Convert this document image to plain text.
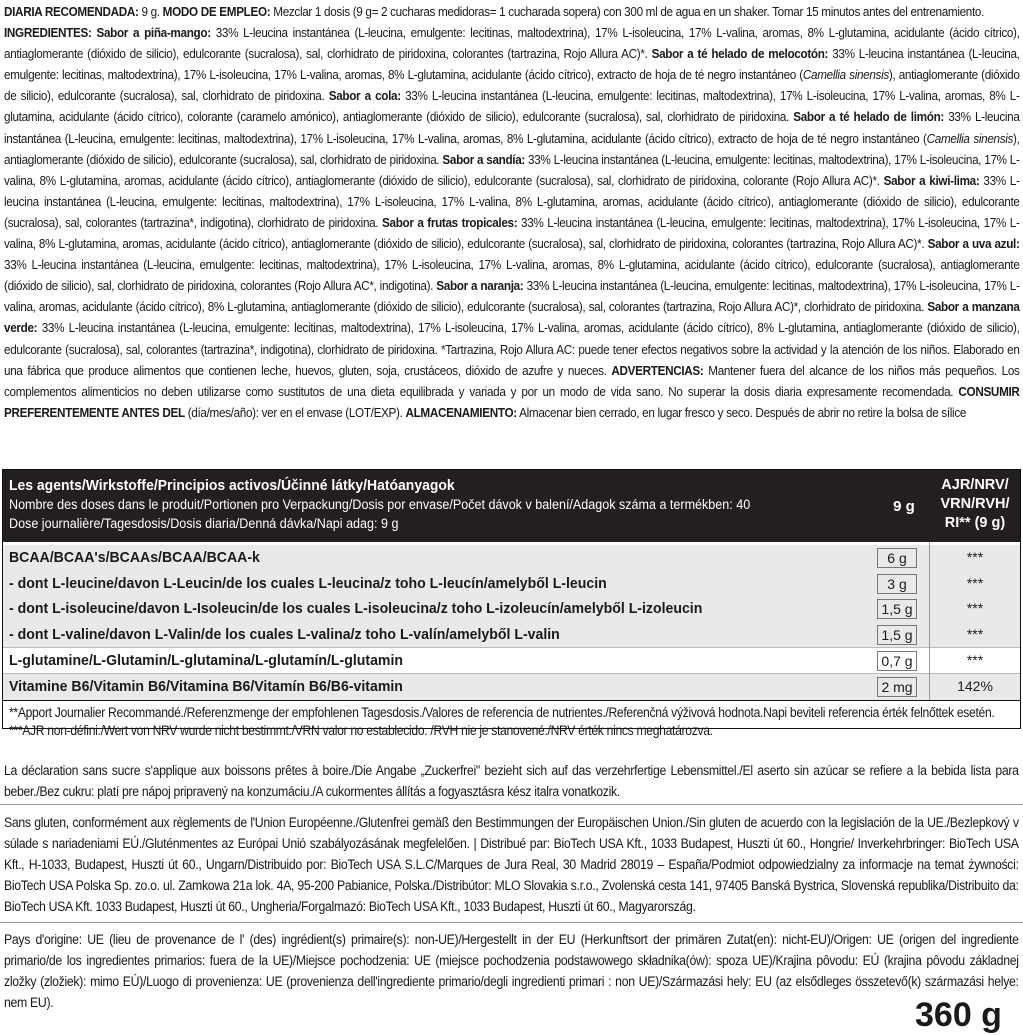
DIARIA RECOMENDADA: 9 g. MODO DE EMPLEO: Mezclar 1 dosis (9 g= 2 cucharas medidoras= 1 cucharada sopera) con 300 ml de agua en un shaker. Tomar 15 minutos antes del entrenamiento.
INGREDIENTES: Sabor a piña-mango: 33% L-leucina instantánea (L-leucina, emulgente: lecitinas, maltodextrina), 17% L-isoleucina, 17% L-valina, aromas, 8% L-glutamina, acidulante (ácido cítrico), antiaglomerante (dióxido de silicio), edulcorante (sucralosa), sal, clorhidrato de piridoxina, colorantes (tartrazina, Rojo Allura AC)*. Sabor a té helado de melocotón: 33% L-leucina instantánea (L-leucina, emulgente: lecitinas, maltodextrina), 17% L-isoleucina, 17% L-valina, aromas, 8% L-glutamina, acidulante (ácido cítrico), extracto de hoja de té negro instantáneo (Camellia sinensis), antiaglomerante (dióxido de silicio), edulcorante (sucralosa), sal, clorhidrato de piridoxina. Sabor a cola: 33% L-leucina instantánea (L-leucina, emulgente: lecitinas, maltodextrina), 17% L-isoleucina, 17% L-valina, aromas, 8% L-glutamina, acidulante (ácido cítrico), colorante (caramelo amónico), antiaglomerante (dióxido de silicio), edulcorante (sucralosa), sal, clorhidrato de piridoxina. Sabor a té helado de limón: 33% L-leucina instantánea (L-leucina, emulgente: lecitinas, maltodextrina), 17% L-isoleucina, 17% L-valina, aromas, 8% L-glutamina, acidulante (ácido cítrico), extracto de hoja de té negro instantáneo (Camellia sinensis), antiaglomerante (dióxido de silicio), edulcorante (sucralosa), sal, clorhidrato de piridoxina. Sabor a sandía: 33% L-leucina instantánea (L-leucina, emulgente: lecitinas, maltodextrina), 17% L-isoleucina, 17% L-valina, 8% L-glutamina, aromas, acidulante (ácido cítrico), antiaglomerante (dióxido de silicio), edulcorante (sucralosa), sal, clorhidrato de piridoxina, colorante (Rojo Allura AC)*. Sabor a kiwi-lima: 33% L-leucina instantánea (L-leucina, emulgente: lecitinas, maltodextrina), 17% L-isoleucina, 17% L-valina, 8% L-glutamina, aromas, acidulante (ácido cítrico), antiaglomerante (dióxido de silicio), edulcorante (sucralosa), sal, colorantes (tartrazina*, indigotina), clorhidrato de piridoxina. Sabor a frutas tropicales: 33% L-leucina instantánea (L-leucina, emulgente: lecitinas, maltodextrina), 17% L-isoleucina, 17% L-valina, 8% L-glutamina, aromas, acidulante (ácido cítrico), antiaglomerante (dióxido de silicio), edulcorante (sucralosa), sal, clorhidrato de piridoxina, colorantes (tartrazina, Rojo Allura AC)*. Sabor a uva azul: 33% L-leucina instantánea (L-leucina, emulgente: lecitinas, maltodextrina), 17% L-isoleucina, 17% L-valina, aromas, 8% L-glutamina, acidulante (ácido cítrico), edulcorante (sucralosa), antiaglomerante (dióxido de silicio), sal, clorhidrato de piridoxina, colorantes (Rojo Allura AC*, indigotina). Sabor a naranja: 33% L-leucina instantánea (L-leucina, emulgente: lecitinas, maltodextrina), 17% L-isoleucina, 17% L-valina, aromas, acidulante (ácido cítrico), 8% L-glutamina, antiaglomerante (dióxido de silicio), edulcorante (sucralosa), sal, colorantes (tartrazina, Rojo Allura AC)*, clorhidrato de piridoxina. Sabor a manzana verde: 33% L-leucina instantánea (L-leucina, emulgente: lecitinas, maltodextrina), 17% L-isoleucina, 17% L-valina, aromas, acidulante (ácido cítrico), 8% L-glutamina, antiaglomerante (dióxido de silicio), edulcorante (sucralosa), sal, colorantes (tartrazina*, indigotina), clorhidrato de piridoxina. *Tartrazina, Rojo Allura AC: puede tener efectos negativos sobre la actividad y la atención de los niños. Elaborado en una fábrica que produce alimentos que contienen leche, huevos, gluten, soja, crustáceos, dióxido de azufre y nueces. ADVERTENCIAS: Mantener fuera del alcance de los niños más pequeños. Los complementos alimenticios no deben utilizarse como sustitutos de una dieta equilibrada y variada y por un modo de vida sano. No superar la dosis diaria expresamente recomendada. CONSUMIR PREFERENTEMENTE ANTES DEL (día/mes/año): ver en el envase (LOT/EXP). ALMACENAMIENTO: Almacenar bien cerrado, en lugar fresco y seco. Después de abrir no retire la bolsa de sílice
Les agents/Wirkstoffe/Principios activos/Účinné látky/Hatóanyagok
Nombre des doses dans le produit/Portionen pro Verpackung/Dosis por envase/Počet dávok v balení/Adagok száma a termékben: 40
Dose journalière/Tagesdosis/Dosis diaria/Denná dávka/Napi adag: 9 g
9 g
AJR/NRV/ VRN/RVH/ RI** (9 g)
BCAA/BCAA's/BCAAs/BCAA/BCAA-k	6 g	***
- dont L-leucine/davon L-Leucin/de los cuales L-leucina/z toho L-leucín/amelyből L-leucin	3 g	***
- dont L-isoleucine/davon L-Isoleucin/de los cuales L-isoleucina/z toho L-izoleucín/amelyből L-izoleucin	1,5 g	***
- dont L-valine/davon L-Valin/de los cuales L-valina/z toho L-valín/amelyből L-valin	1,5 g	***
L-glutamine/L-Glutamin/L-glutamina/L-glutamín/L-glutamin	0,7 g	***
Vitamine B6/Vitamin B6/Vitamina B6/Vitamín B6/B6-vitamin	2 mg	142%
**Apport Journalier Recommandé./Referenzmenge der empfohlenen Tagesdosis./Valores de referencia de nutrientes./Referenčná výživová hodnota.Napi beviteli referencia érték felnőttek esetén. ***AJR non-défini./Wert von NRV wurde nicht bestimmt./VRN valor no establecido. /RVH nie je stanovené./NRV érték nincs meghatározva.
La déclaration sans sucre s'applique aux boissons prêtes à boire./Die Angabe „Zuckerfrei" bezieht sich auf das verzehrfertige Lebensmittel./El aserto sin azúcar se refiere a la bebida lista para beber./Bez cukru: platí pre nápoj pripravený na konzumáciu./A cukormentes állítás a fogyasztásra kész italra vonatkozik.
Sans gluten, conformément aux règlements de l'Union Européenne./Glutenfrei gemäß den Bestimmungen der Europäischen Union./Sin gluten de acuerdo con la legislación de la UE./Bezlepkový v súlade s nariadeniami EÚ./Gluténmentes az Európai Unió szabályozásának megfelelően. | Distribué par: BioTech USA Kft., 1033 Budapest, Huszti út 60., Hongrie/ Inverkehrbringer: BioTech USA Kft., H-1033, Budapest, Huszti út 60., Ungarn/Distribuido por: BioTech USA S.L.C/Marques de Jura Real, 30 Madrid 28019 – España/Podmiot odpowiedzialny za informacje na temat żywności: BioTech USA Polska Sp. zo.o. ul. Zamkowa 21a lok. 4A, 95-200 Pabianice, Polska./Distribútor: MLO Slovakia s.r.o., Zvolenská cesta 141, 97405 Banská Bystrica, Slovenská republika/Distribuito da: BioTech USA Kft. 1033 Budapest, Huszti út 60., Ungheria/Forgalmazó: BioTech USA Kft., 1033 Budapest, Huszti út 60., Magyarország.
Pays d'origine: UE (lieu de provenance de l' (des) ingrédient(s) primaire(s): non-UE)/Hergestellt in der EU (Herkunftsort der primären Zutat(en): nicht-EU)/Origen: UE (origen del ingrediente primario/de los ingredientes primarios: fuera de la UE)/Miejsce pochodzenia: UE (miejsce pochodzenia podstawowego składnika(ów): spoza UE)/Krajina pôvodu: EÚ (krajina pôvodu základnej zložky (zložiek): mimo EÚ)/Luogo di provenienza: UE (provenienza dell'ingrediente primario/degli ingredienti primari : non UE)/Származási hely: EU (az elsődleges összetevő(k) származási helye: nem EU).	360 g
